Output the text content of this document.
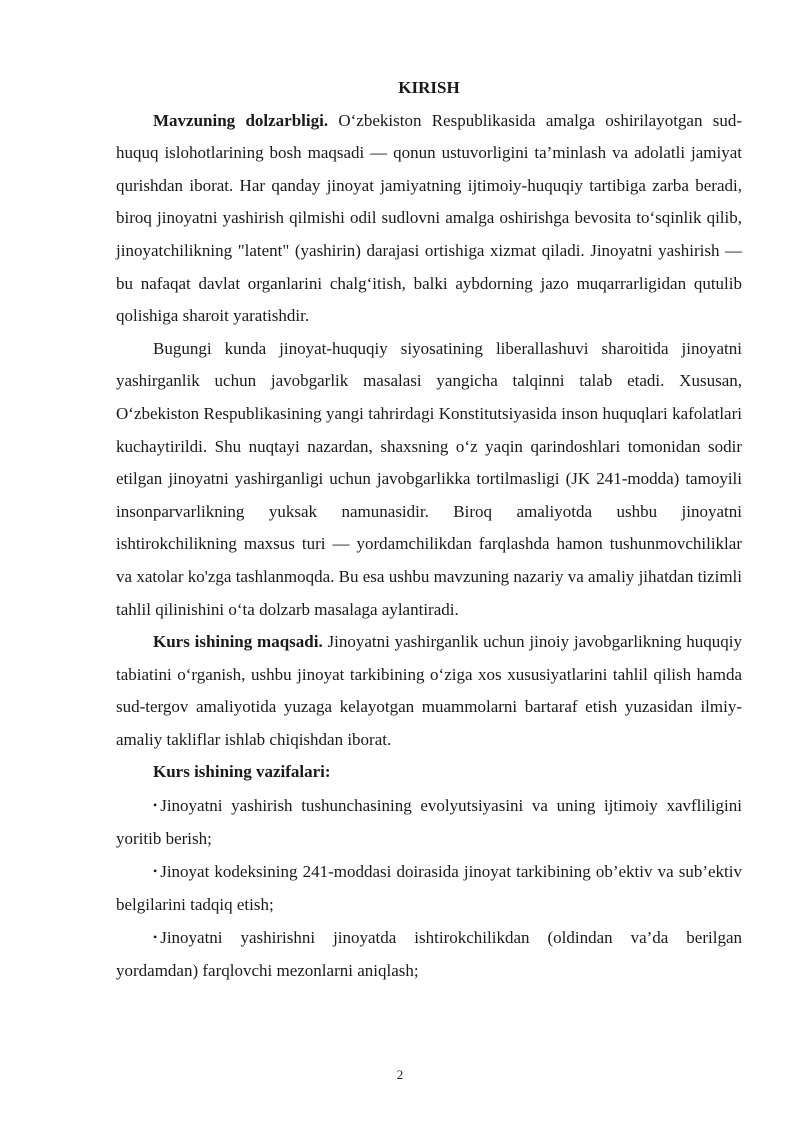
KIRISH

Mavzuning dolzarbligi. O‘zbekiston Respublikasida amalga oshirilayotgan sud-huquq islohotlarining bosh maqsadi — qonun ustuvorligini ta’minlash va adolatli jamiyat qurishdan iborat. Har qanday jinoyat jamiyatning ijtimoiy-huquqiy tartibiga zarba beradi, biroq jinoyatni yashirish qilmishi odil sudlovni amalga oshirishga bevosita to‘sqinlik qilib, jinoyatchilikning "latent" (yashirin) darajasi ortishiga xizmat qiladi. Jinoyatni yashirish — bu nafaqat davlat organlarini chalg‘itish, balki aybdorning jazo muqarrarligidan qutulib qolishiga sharoit yaratishdir.

Bugungi kunda jinoyat-huquqiy siyosatining liberallashuvi sharoitida jinoyatni yashirganlik uchun javobgarlik masalasi yangicha talqinni talab etadi. Xususan, O‘zbekiston Respublikasining yangi tahrirdagi Konstitutsiyasida inson huquqlari kafolatlari kuchaytirildi. Shu nuqtayi nazardan, shaxsning o‘z yaqin qarindoshlari tomonidan sodir etilgan jinoyatni yashirganligi uchun javobgarlikka tortilmasligi (JK 241-modda) tamoyili insonparvarlikning yuksak namunasidir. Biroq amaliyotda ushbu jinoyatni ishtirokchilikning maxsus turi — yordamchilikdan farqlashda hamon tushunmovchiliklar va xatolar ko'zga tashlanmoqda. Bu esa ushbu mavzuning nazariy va amaliy jihatdan tizimli tahlil qilinishini o‘ta dolzarb masalaga aylantiradi.

Kurs ishining maqsadi. Jinoyatni yashirganlik uchun jinoiy javobgarlikning huquqiy tabiatini o‘rganish, ushbu jinoyat tarkibining o‘ziga xos xususiyatlarini tahlil qilish hamda sud-tergov amaliyotida yuzaga kelayotgan muammolarni bartaraf etish yuzasidan ilmiy-amaliy takliflar ishlab chiqishdan iborat.

Kurs ishining vazifalari:

• Jinoyatni yashirish tushunchasining evolyutsiyasini va uning ijtimoiy xavfliligini yoritib berish;

• Jinoyat kodeksining 241-moddasi doirasida jinoyat tarkibining ob’ektiv va sub’ektiv belgilarini tadqiq etish;

• Jinoyatni yashirishni jinoyatda ishtirokchilikdan (oldindan va’da berilgan yordamdan) farqlovchi mezonlarni aniqlash;

2
